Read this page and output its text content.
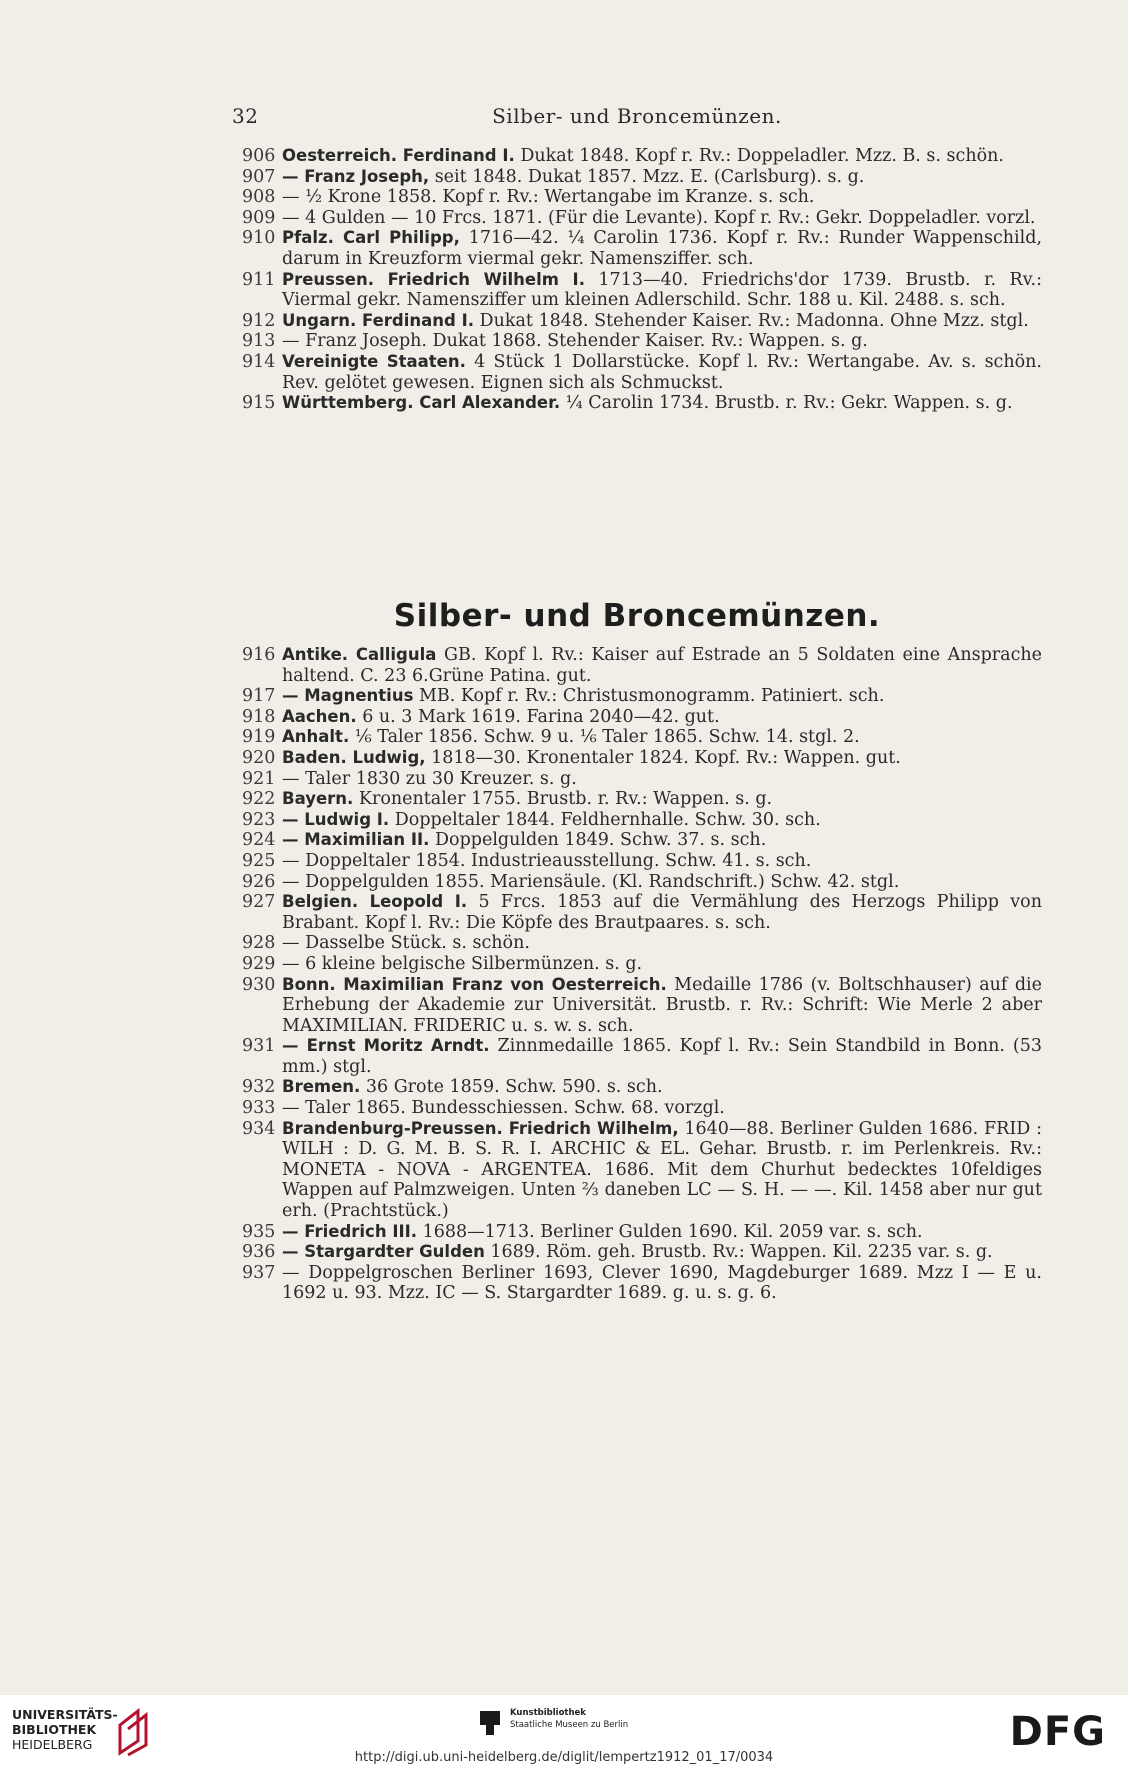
32	Silber- und Broncemünzen.
906 Oesterreich. Ferdinand I. Dukat 1848. Kopf r. Rv.: Doppeladler. Mzz. B. s. schön.
907 — Franz Joseph, seit 1848. Dukat 1857. Mzz. E. (Carlsburg). s. g.
908 — ½ Krone 1858. Kopf r. Rv.: Wertangabe im Kranze. s. sch.
909 — 4 Gulden — 10 Frcs. 1871. (Für die Levante). Kopf r. Rv.: Gekr. Doppeladler. vorzl.
910 Pfalz. Carl Philipp, 1716—42. ¼ Carolin 1736. Kopf r. Rv.: Runder Wappenschild, darum in Kreuzform viermal gekr. Namensziffer. sch.
911 Preussen. Friedrich Wilhelm I. 1713—40. Friedrichs'dor 1739. Brustb. r. Rv.: Viermal gekr. Namensziffer um kleinen Adlerschild. Schr. 188 u. Kil. 2488. s. sch.
912 Ungarn. Ferdinand I. Dukat 1848. Stehender Kaiser. Rv.: Madonna. Ohne Mzz. stgl.
913 — Franz Joseph. Dukat 1868. Stehender Kaiser. Rv.: Wappen. s. g.
914 Vereinigte Staaten. 4 Stück 1 Dollarstücke. Kopf l. Rv.: Wertangabe. Av. s. schön. Rev. gelötet gewesen. Eignen sich als Schmuckst.
915 Württemberg. Carl Alexander. ¼ Carolin 1734. Brustb. r. Rv.: Gekr. Wappen. s. g.
Silber- und Broncemünzen.
916 Antike. Calligula GB. Kopf l. Rv.: Kaiser auf Estrade an 5 Soldaten eine Ansprache haltend. C. 23 6.Grüne Patina. gut.
917 — Magnentius MB. Kopf r. Rv.: Christusmonogramm. Patiniert. sch.
918 Aachen. 6 u. 3 Mark 1619. Farina 2040—42. gut.
919 Anhalt. ⅙ Taler 1856. Schw. 9 u. ⅙ Taler 1865. Schw. 14. stgl. 2.
920 Baden. Ludwig, 1818—30. Kronentaler 1824. Kopf. Rv.: Wappen. gut.
921 — Taler 1830 zu 30 Kreuzer. s. g.
922 Bayern. Kronentaler 1755. Brustb. r. Rv.: Wappen. s. g.
923 — Ludwig I. Doppeltaler 1844. Feldhernhalle. Schw. 30. sch.
924 — Maximilian II. Doppelgulden 1849. Schw. 37. s. sch.
925 — Doppeltaler 1854. Industrieausstellung. Schw. 41. s. sch.
926 — Doppelgulden 1855. Mariensäule. (Kl. Randschrift.) Schw. 42. stgl.
927 Belgien. Leopold I. 5 Frcs. 1853 auf die Vermählung des Herzogs Philipp von Brabant. Kopf l. Rv.: Die Köpfe des Brautpaares. s. sch.
928 — Dasselbe Stück. s. schön.
929 — 6 kleine belgische Silbermünzen. s. g.
930 Bonn. Maximilian Franz von Oesterreich. Medaille 1786 (v. Boltschhauser) auf die Erhebung der Akademie zur Universität. Brustb. r. Rv.: Schrift: Wie Merle 2 aber MAXIMILIAN. FRIDERIC u. s. w. s. sch.
931 — Ernst Moritz Arndt. Zinnmedaille 1865. Kopf l. Rv.: Sein Standbild in Bonn. (53 mm.) stgl.
932 Bremen. 36 Grote 1859. Schw. 590. s. sch.
933 — Taler 1865. Bundesschiessen. Schw. 68. vorzgl.
934 Brandenburg-Preussen. Friedrich Wilhelm, 1640—88. Berliner Gulden 1686. FRID : WILH : D. G. M. B. S. R. I. ARCHIC & EL. Gehar. Brustb. r. im Perlenkreis. Rv.: MONETA - NOVA - ARGENTEA. 1686. Mit dem Churhut bedecktes 10feldiges Wappen auf Palmzweigen. Unten ⅔ daneben LC — S. H. — —. Kil. 1458 aber nur gut erh. (Prachtstück.)
935 — Friedrich III. 1688—1713. Berliner Gulden 1690. Kil. 2059 var. s. sch.
936 — Stargardter Gulden 1689. Röm. geh. Brustb. Rv.: Wappen. Kil. 2235 var. s. g.
937 — Doppelgroschen Berliner 1693, Clever 1690, Magdeburger 1689. Mzz I — E u. 1692 u. 93. Mzz. IC — S. Stargardter 1689. g. u. s. g. 6.
UNIVERSITÄTS-
BIBLIOTHEK
HEIDELBERG
Kunstbibliothek
Staatliche Museen zu Berlin	DFG
http://digi.ub.uni-heidelberg.de/diglit/lempertz1912_01_17/0034
